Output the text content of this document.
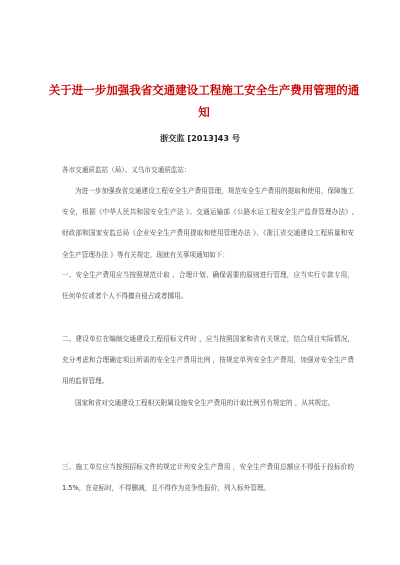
关于进一步加强我省交通建设工程施工安全生产费用管理的通知
浙交监 [2013]43 号
各市交通质监站（局）、义乌市交通质监站：
为进一步加强我省交通建设工程安全生产费用管理，规范安全生产费用的提取和使用，保障施工安全，根据《中华人民共和国安全生产法 》、交通运输部《公路水运工程安全生产监督管理办法》, 财政部和国家安监总局《企业安全生产费用提取和使用管理办法 》、《浙江省交通建设工程质量和安全生产管理办法 》等有关规定，现就有关事项通知如下：
一、安全生产费用应当按照规范计取 、合理计划、确保需要的原则进行管理，应当实行专款专用，任何单位或者个人不得擅自侵占或者挪用。
二、建设单位在编制交通建设工程招标文件时 ，应当按照国家和省有关规定，结合项目实际情况，充分考虑和合理确定项目所需的安全生产费用比例 ，按规定单列安全生产费用，加强对安全生产费用的监督管理。
国家和省对交通建设工程相关附属设施安全生产费用的计取比例另有规定的 ，从其规定。
三、施工单位应当按照招标文件的规定计列安全生产费用 ，安全生产费用总额应不得低于投标价的 1.5%，在竞标时，不得删减，且不得作为竞争性报价，列入标外管理。
